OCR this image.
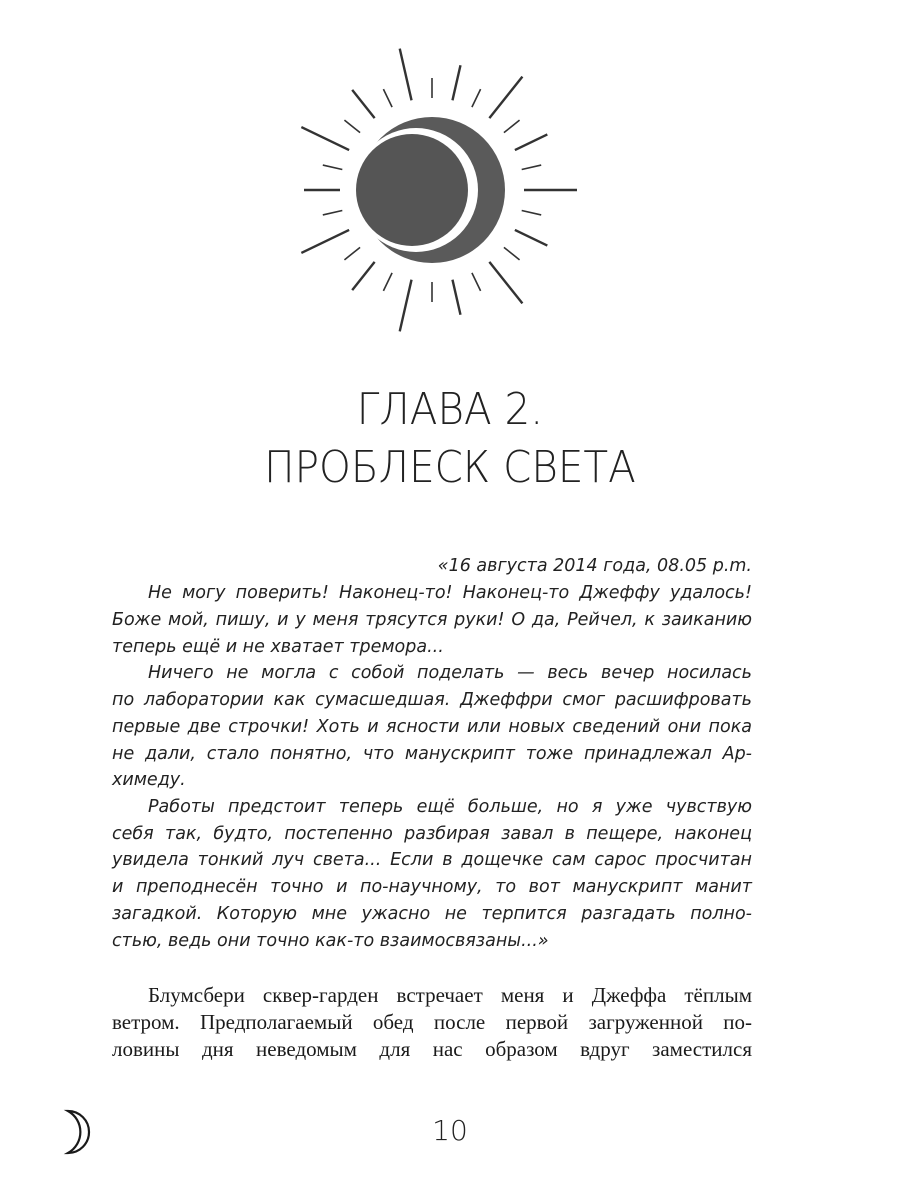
ГЛАВА 2.
ПРОБЛЕСК СВЕТА
«16 августа 2014 года, 08.05 p.m.
Не могу поверить! Наконец-то! Наконец-то Джеффу удалось!
Боже мой, пишу, и у меня трясутся руки! О да, Рейчел, к заиканию
теперь ещё и не хватает тремора...
Ничего не могла с собой поделать — весь вечер носилась
по лаборатории как сумасшедшая. Джеффри смог расшифровать
первые две строчки! Хоть и ясности или новых сведений они пока
не дали, стало понятно, что манускрипт тоже принадлежал Ар-
химеду.
Работы предстоит теперь ещё больше, но я уже чувствую
себя так, будто, постепенно разбирая завал в пещере, наконец
увидела тонкий луч света... Если в дощечке сам сарос просчитан
и преподнесён точно и по-научному, то вот манускрипт манит
загадкой. Которую мне ужасно не терпится разгадать полно-
стью, ведь они точно как-то взаимосвязаны...»
Блумсбери сквер-гарден встречает меня и Джеффа тёплым
ветром. Предполагаемый обед после первой загруженной по-
ловины дня неведомым для нас образом вдруг заместился
10
